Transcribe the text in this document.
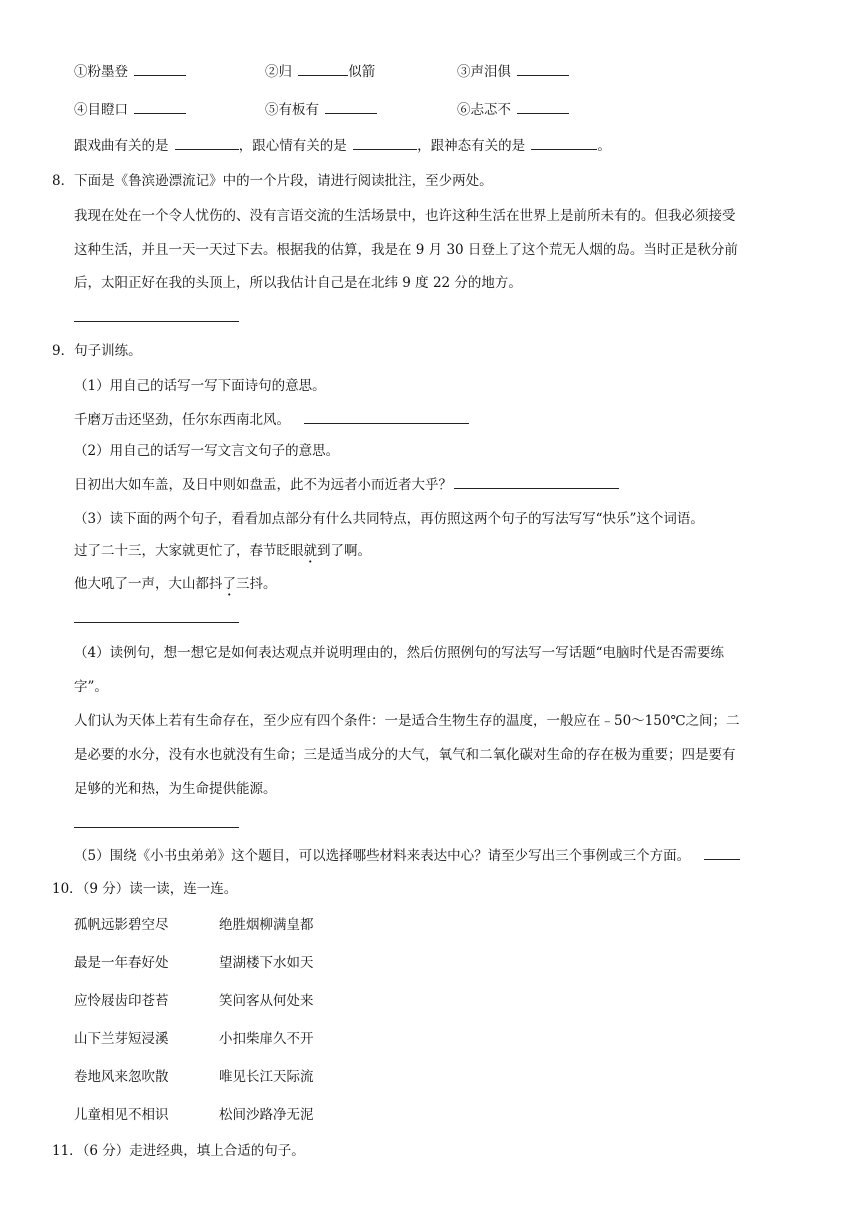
①粉墨登	②归	似箭	③声泪俱
④目瞪口	⑤有板有	⑥忐忑不
跟戏曲有关的是	，跟心情有关的是	，跟神态有关的是	。
8．下面是《鲁滨逊漂流记》中的一个片段，请进行阅读批注，至少两处。
我现在处在一个令人忧伤的、没有言语交流的生活场景中，也许这种生活在世界上是前所未有的。但我必须接受
这种生活，并且一天一天过下去。根据我的估算，我是在 9 月 30 日登上了这个荒无人烟的岛。当时正是秋分前
后，太阳正好在我的头顶上，所以我估计自己是在北纬 9 度 22 分的地方。
9．句子训练。
（1）用自己的话写一写下面诗句的意思。
千磨万击还坚劲，任尔东西南北风。
（2）用自己的话写一写文言文句子的意思。
日初出大如车盖，及日中则如盘盂，此不为远者小而近者大乎？
（3）读下面的两个句子，看看加点部分有什么共同特点，再仿照这两个句子的写法写写“快乐”这个词语。
过了二十三，大家就更忙了，春节眨眼就到了 ·啊。
他大吼了一声，大山都抖了三抖 ·。
（4）读例句，想一想它是如何表达观点并说明理由的，然后仿照例句的写法写一写话题“电脑时代是否需要练
字”。
人们认为天体上若有生命存在，至少应有四个条件：一是适合生物生存的温度，一般应在﹣50～150℃之间；二
是必要的水分，没有水也就没有生命；三是适当成分的大气，氧气和二氧化碳对生命的存在极为重要；四是要有
足够的光和热，为生命提供能源。
（5）围绕《小书虫弟弟》这个题目，可以选择哪些材料来表达中心？请至少写出三个事例或三个方面。
10．（9 分）读一读，连一连。
孤帆远影碧空尽	绝胜烟柳满皇都
最是一年春好处	望湖楼下水如天
应怜屐齿印苍苔	笑问客从何处来
山下兰芽短浸溪	小扣柴扉久不开
卷地风来忽吹散	唯见长江天际流
儿童相见不相识	松间沙路净无泥
11．（6 分）走进经典，填上合适的句子。
